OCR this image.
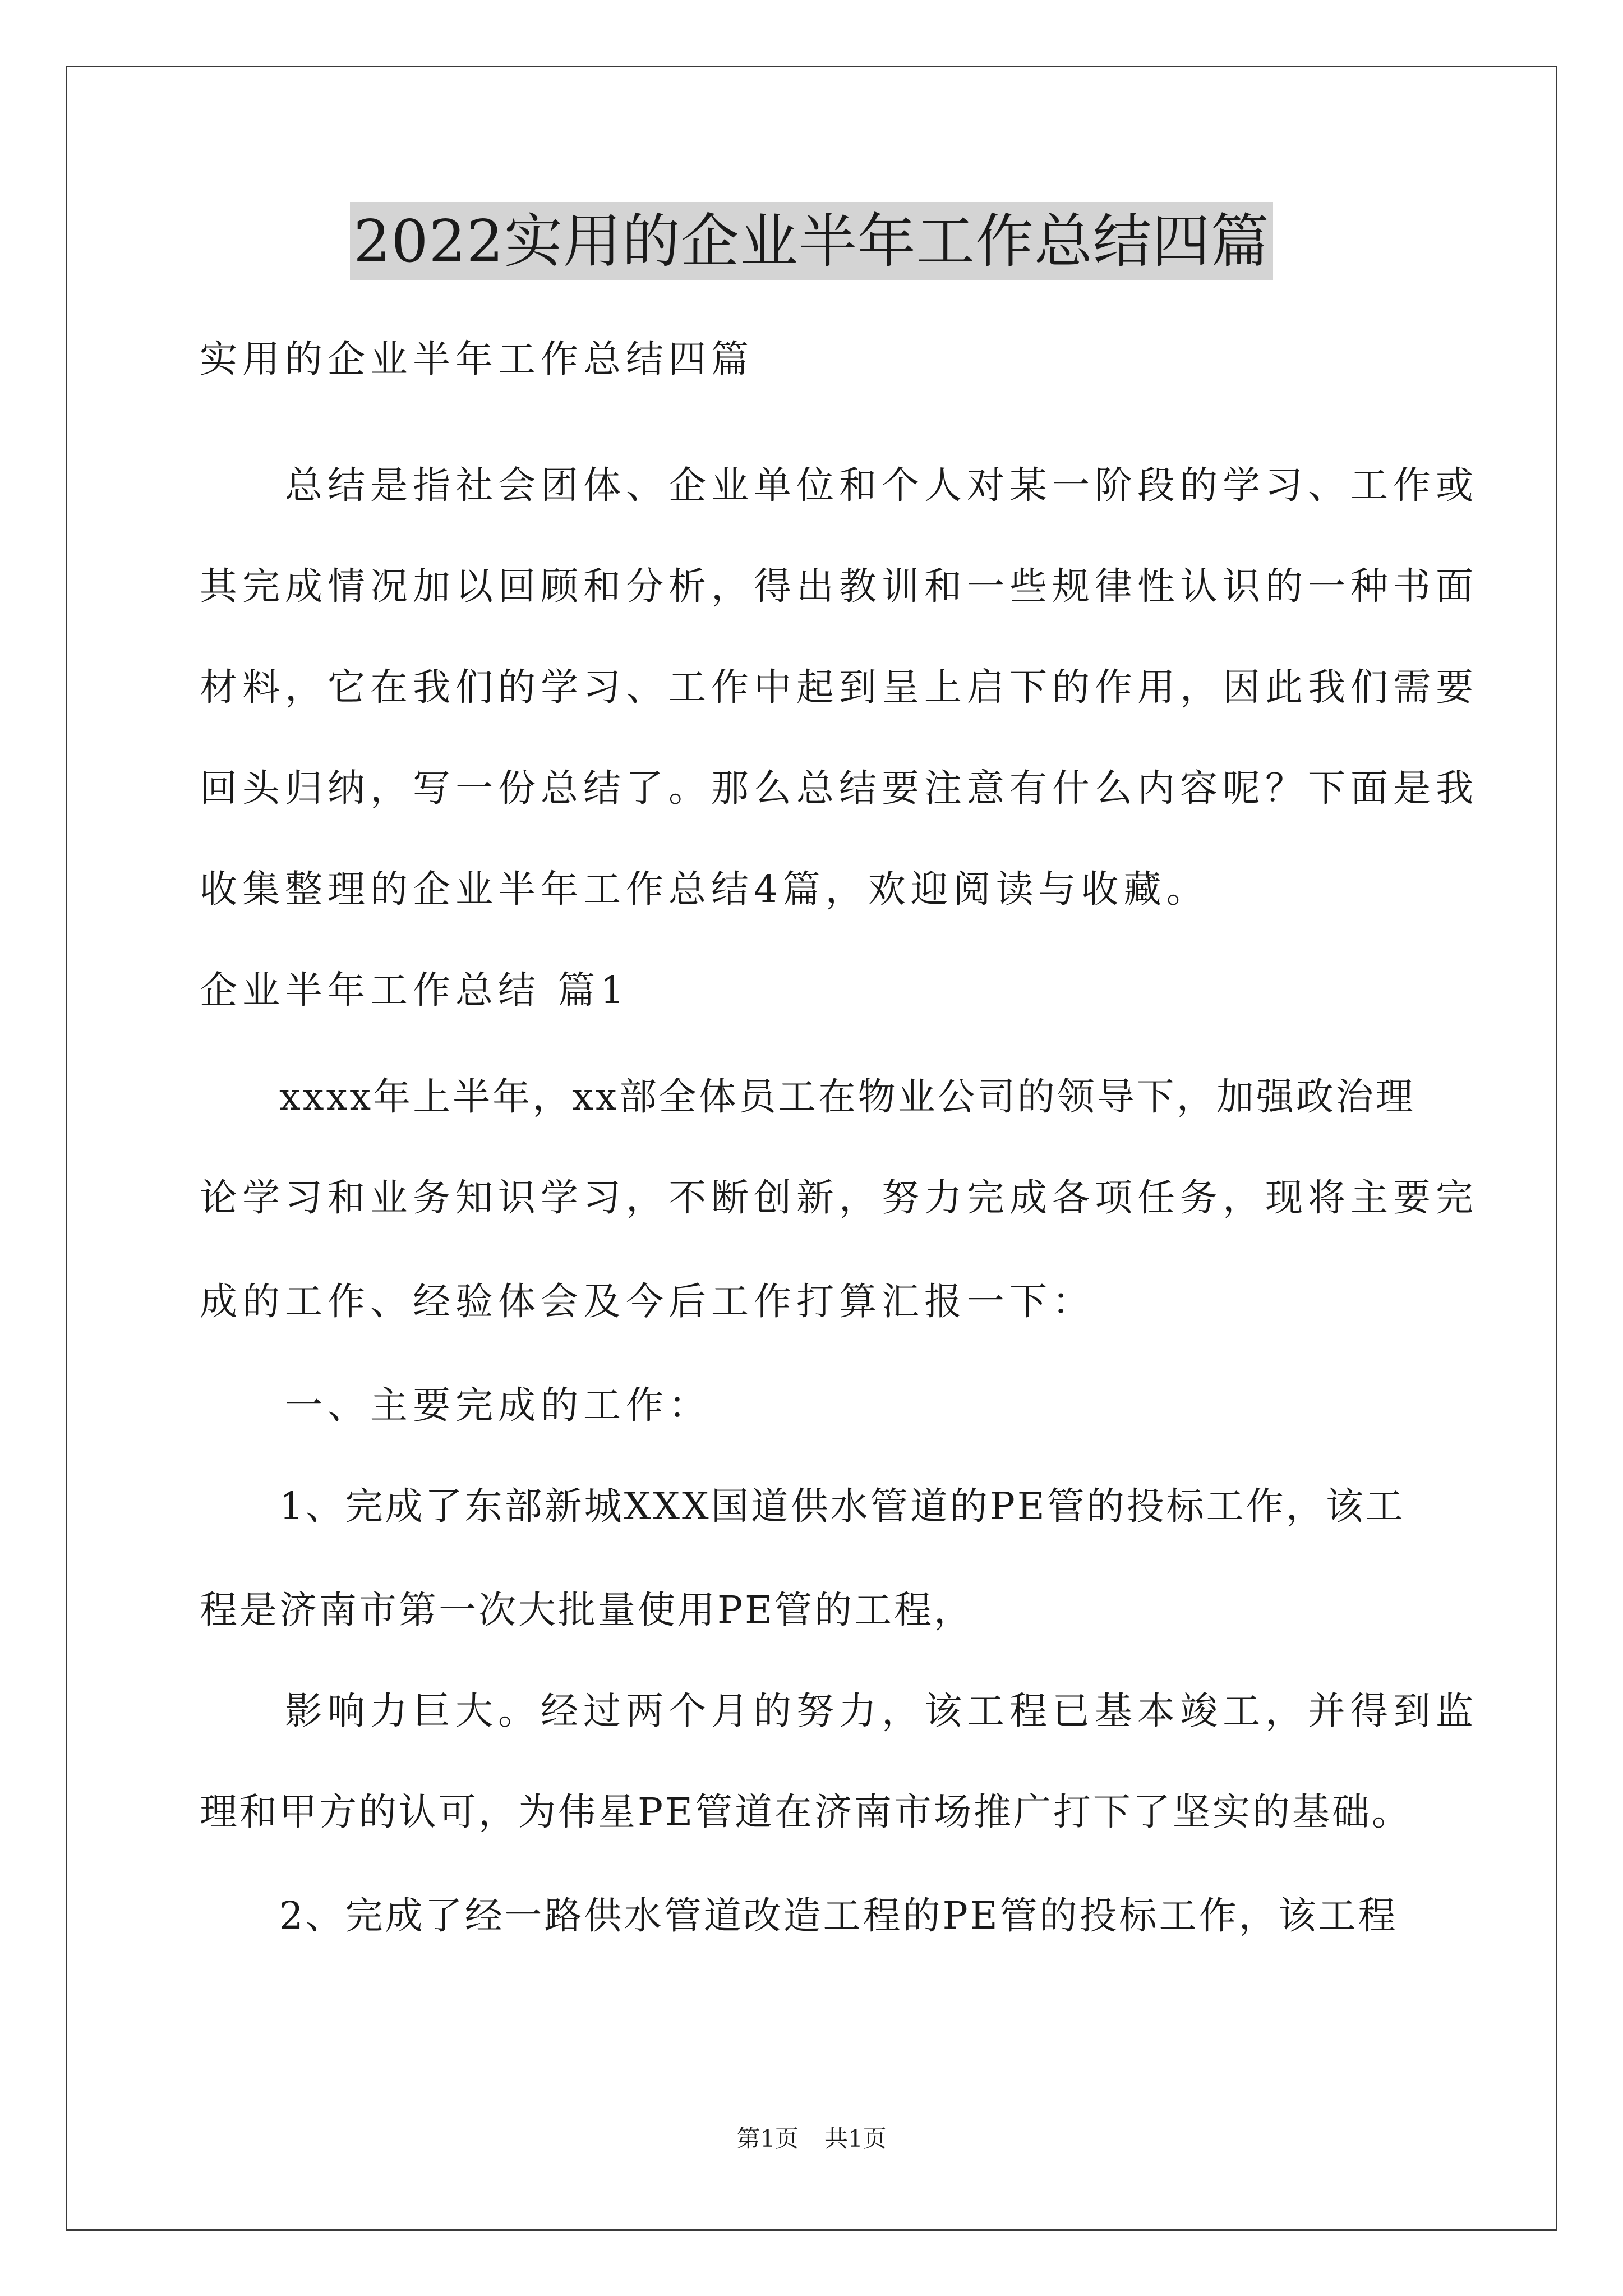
2022实用的企业半年工作总结四篇
实用的企业半年工作总结四篇
　　总结是指社会团体、企业单位和个人对某一阶段的学习、工作或
其完成情况加以回顾和分析，得出教训和一些规律性认识的一种书面
材料，它在我们的学习、工作中起到呈上启下的作用，因此我们需要
回头归纳，写一份总结了。那么总结要注意有什么内容呢？下面是我
收集整理的企业半年工作总结4篇，欢迎阅读与收藏。
企业半年工作总结 篇1
　　xxxx年上半年，xx部全体员工在物业公司的领导下，加强政治理
论学习和业务知识学习，不断创新，努力完成各项任务，现将主要完
成的工作、经验体会及今后工作打算汇报一下：
　　一、主要完成的工作：
　　1、完成了东部新城XXX国道供水管道的PE管的投标工作，该工
程是济南市第一次大批量使用PE管的工程，
　　影响力巨大。经过两个月的努力，该工程已基本竣工，并得到监
理和甲方的认可，为伟星PE管道在济南市场推广打下了坚实的基础。
　　2、完成了经一路供水管道改造工程的PE管的投标工作，该工程
第1页 共1页
